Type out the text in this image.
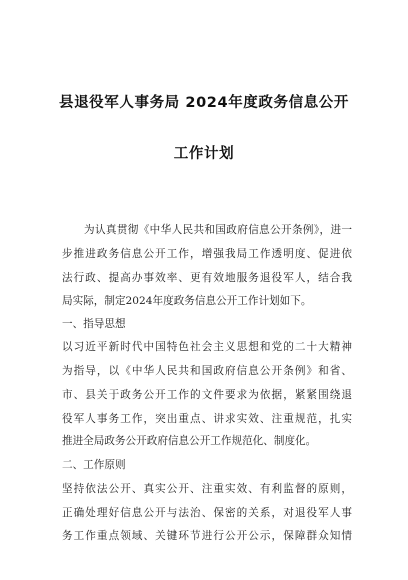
县退役军人事务局 2024年度政务信息公开
工作计划
为认真贯彻《中华人民共和国政府信息公开条例》，进一
步推进政务信息公开工作，增强我局工作透明度、促进依
法行政、提高办事效率、更有效地服务退役军人，结合我
局实际，制定2024年度政务信息公开工作计划如下。
一、指导思想
以习近平新时代中国特色社会主义思想和党的二十大精神
为指导，以《中华人民共和国政府信息公开条例》和省、
市、县关于政务公开工作的文件要求为依据，紧紧围绕退
役军人事务工作，突出重点、讲求实效、注重规范，扎实
推进全局政务公开政府信息公开工作规范化、制度化。
二、工作原则
坚持依法公开、真实公开、注重实效、有利监督的原则，
正确处理好信息公开与法治、保密的关系，对退役军人事
务工作重点领域、关键环节进行公开公示，保障群众知情
